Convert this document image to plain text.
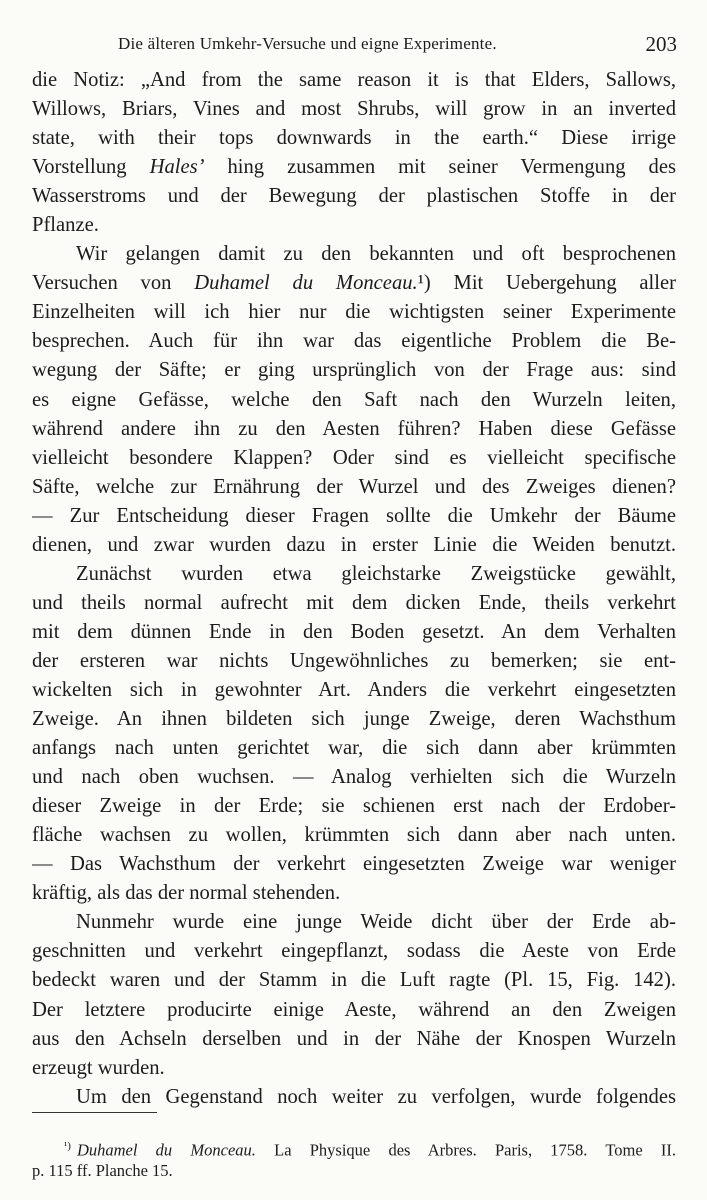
Die älteren Umkehr-Versuche und eigne Experimente.	203
die Notiz: „And from the same reason it is that Elders, Sallows,
Willows, Briars, Vines and most Shrubs, will grow in an inverted
state, with their tops downwards in the earth.“ Diese irrige
Vorstellung Hales’ hing zusammen mit seiner Vermengung des
Wasserstroms und der Bewegung der plastischen Stoffe in der
Pflanze.
Wir gelangen damit zu den bekannten und oft besprochenen
Versuchen von Duhamel du Monceau.¹) Mit Uebergehung aller
Einzelheiten will ich hier nur die wichtigsten seiner Experimente
besprechen. Auch für ihn war das eigentliche Problem die Be-
wegung der Säfte; er ging ursprünglich von der Frage aus: sind
es eigne Gefässe, welche den Saft nach den Wurzeln leiten,
während andere ihn zu den Aesten führen? Haben diese Gefässe
vielleicht besondere Klappen? Oder sind es vielleicht specifische
Säfte, welche zur Ernährung der Wurzel und des Zweiges dienen?
— Zur Entscheidung dieser Fragen sollte die Umkehr der Bäume
dienen, und zwar wurden dazu in erster Linie die Weiden benutzt.
Zunächst wurden etwa gleichstarke Zweigstücke gewählt,
und theils normal aufrecht mit dem dicken Ende, theils verkehrt
mit dem dünnen Ende in den Boden gesetzt. An dem Verhalten
der ersteren war nichts Ungewöhnliches zu bemerken; sie ent-
wickelten sich in gewohnter Art. Anders die verkehrt eingesetzten
Zweige. An ihnen bildeten sich junge Zweige, deren Wachsthum
anfangs nach unten gerichtet war, die sich dann aber krümmten
und nach oben wuchsen. — Analog verhielten sich die Wurzeln
dieser Zweige in der Erde; sie schienen erst nach der Erdober-
fläche wachsen zu wollen, krümmten sich dann aber nach unten.
— Das Wachsthum der verkehrt eingesetzten Zweige war weniger
kräftig, als das der normal stehenden.
Nunmehr wurde eine junge Weide dicht über der Erde ab-
geschnitten und verkehrt eingepflanzt, sodass die Aeste von Erde
bedeckt waren und der Stamm in die Luft ragte (Pl. 15, Fig. 142).
Der letztere producirte einige Aeste, während an den Zweigen
aus den Achseln derselben und in der Nähe der Knospen Wurzeln
erzeugt wurden.
Um den Gegenstand noch weiter zu verfolgen, wurde folgendes
$^{^1)}$ Duhamel du Monceau. La Physique des Arbres. Paris, 1758. Tome II.
p. 115 ff. Planche 15.
